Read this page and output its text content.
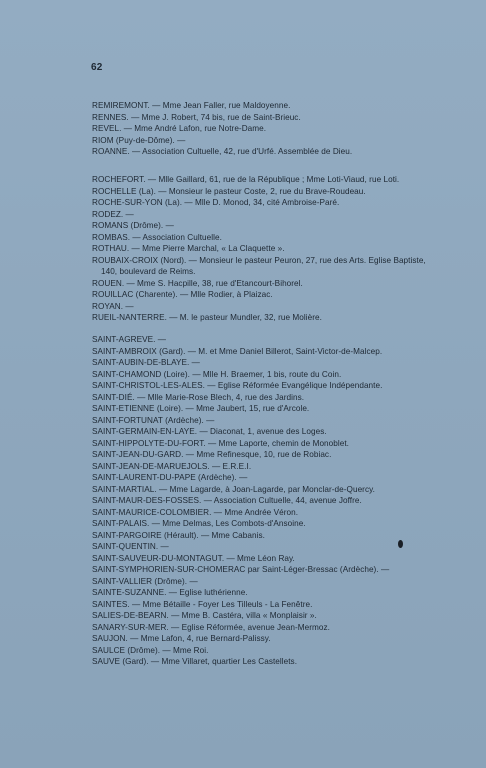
62
REMIREMONT. — Mme Jean Faller, rue Maldoyenne.
RENNES. — Mme J. Robert, 74 bis, rue de Saint-Brieuc.
REVEL. — Mme André Lafon, rue Notre-Dame.
RIOM (Puy-de-Dôme). —
ROANNE. — Association Cultuelle, 42, rue d'Urfé. Assemblée de Dieu.
ROCHEFORT. — Mlle Gaillard, 61, rue de la République ; Mme Loti-Viaud, rue Loti.
ROCHELLE (La). — Monsieur le pasteur Coste, 2, rue du Brave-Roudeau.
ROCHE-SUR-YON (La). — Mlle D. Monod, 34, cité Ambroise-Paré.
RODEZ. —
ROMANS (Drôme). —
ROMBAS. — Association Cultuelle.
ROTHAU. — Mme Pierre Marchal, « La Claquette ».
ROUBAIX-CROIX (Nord). — Monsieur le pasteur Peuron, 27, rue des Arts. Eglise Baptiste,
140, boulevard de Reims.
ROUEN. — Mme S. Hacpille, 38, rue d'Etancourt-Bihorel.
ROUILLAC (Charente). — Mlle Rodier, à Plaizac.
ROYAN. —
RUEIL-NANTERRE. — M. le pasteur Mundler, 32, rue Molière.
SAINT-AGREVE. —
SAINT-AMBROIX (Gard). — M. et Mme Daniel Billerot, Saint-Victor-de-Malcep.
SAINT-AUBIN-DE-BLAYE. —
SAINT-CHAMOND (Loire). — Mlle H. Braemer, 1 bis, route du Coin.
SAINT-CHRISTOL-LES-ALES. — Eglise Réformée Evangélique Indépendante.
SAINT-DIÉ. — Mlle Marie-Rose Blech, 4, rue des Jardins.
SAINT-ETIENNE (Loire). — Mme Jaubert, 15, rue d'Arcole.
SAINT-FORTUNAT (Ardèche). —
SAINT-GERMAIN-EN-LAYE. — Diaconat, 1, avenue des Loges.
SAINT-HIPPOLYTE-DU-FORT. — Mme Laporte, chemin de Monoblet.
SAINT-JEAN-DU-GARD. — Mme Refinesque, 10, rue de Robiac.
SAINT-JEAN-DE-MARUEJOLS. — E.R.E.I.
SAINT-LAURENT-DU-PAPE (Ardèche). —
SAINT-MARTIAL. — Mme Lagarde, à Joan-Lagarde, par Monclar-de-Quercy.
SAINT-MAUR-DES-FOSSES. — Association Cultuelle, 44, avenue Joffre.
SAINT-MAURICE-COLOMBIER. — Mme Andrée Véron.
SAINT-PALAIS. — Mme Delmas, Les Combots-d'Ansoine.
SAINT-PARGOIRE (Hérault). — Mme Cabanis.
SAINT-QUENTIN. —
SAINT-SAUVEUR-DU-MONTAGUT. — Mme Léon Ray.
SAINT-SYMPHORIEN-SUR-CHOMERAC par Saint-Léger-Bressac (Ardèche). —
SAINT-VALLIER (Drôme). —
SAINTE-SUZANNE. — Eglise luthérienne.
SAINTES. — Mme Bétaille - Foyer Les Tilleuls - La Fenêtre.
SALIES-DE-BEARN. — Mme B. Castéra, villa « Monplaisir ».
SANARY-SUR-MER. — Eglise Réformée, avenue Jean-Mermoz.
SAUJON. — Mme Lafon, 4, rue Bernard-Palissy.
SAULCE (Drôme). — Mme Roi.
SAUVE (Gard). — Mme Villaret, quartier Les Castellets.
